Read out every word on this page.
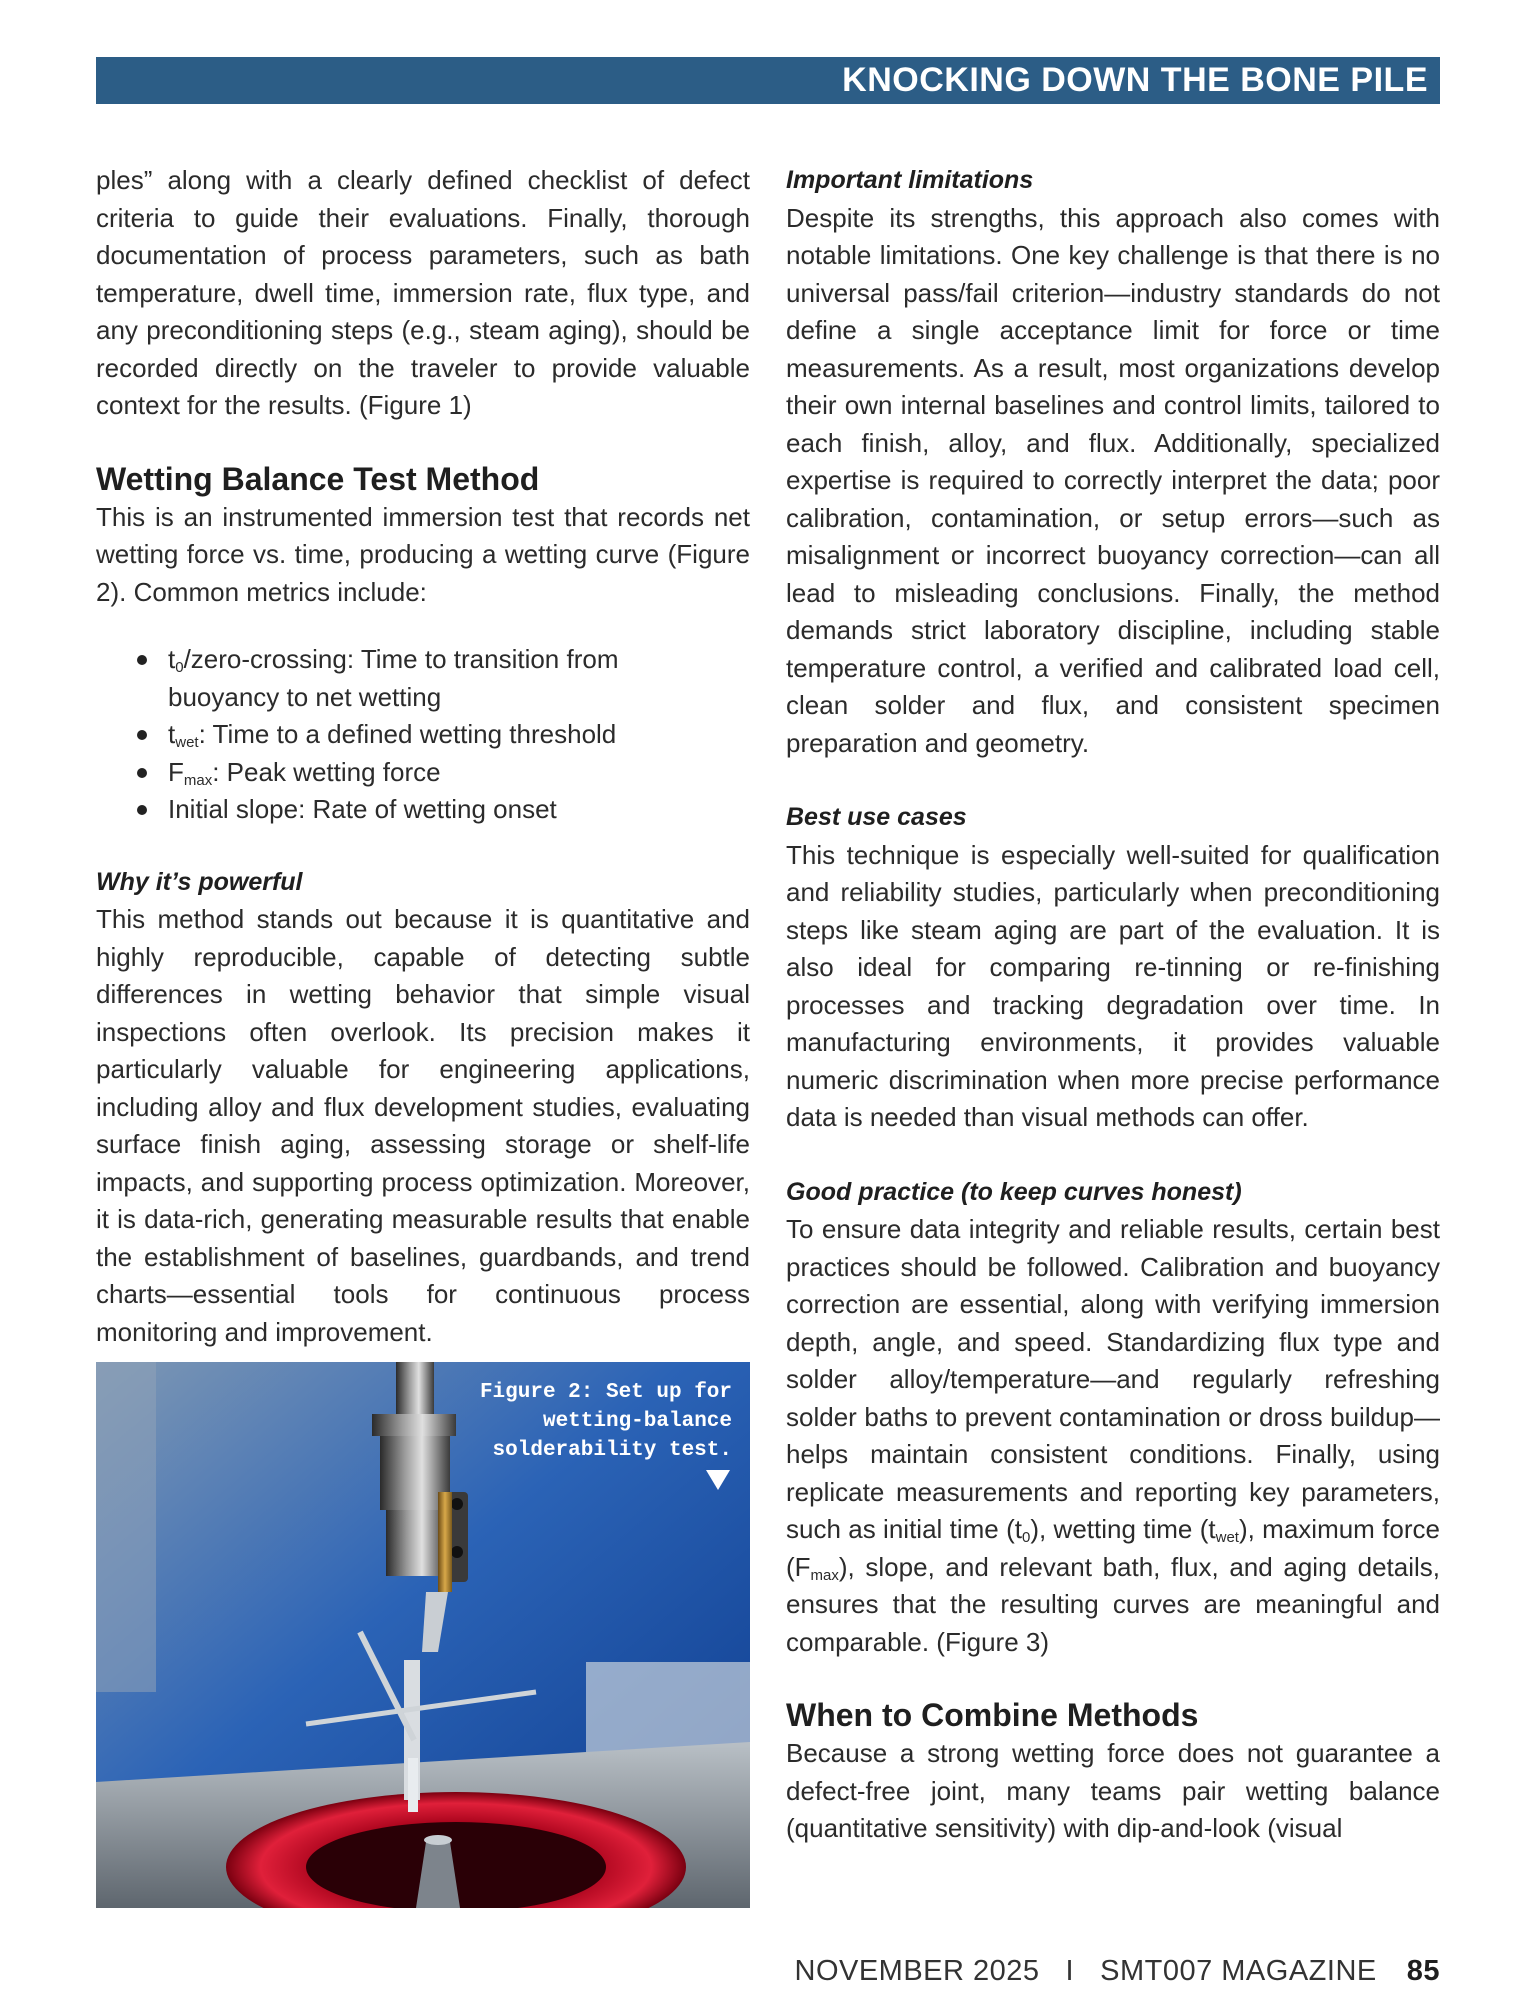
KNOCKING DOWN THE BONE PILE

ples” along with a clearly defined checklist of defect criteria to guide their evaluations. Finally, thorough documentation of process parameters, such as bath temperature, dwell time, immersion rate, flux type, and any preconditioning steps (e.g., steam aging), should be recorded directly on the traveler to provide valuable context for the results. (Figure 1)

Wetting Balance Test Method

This is an instrumented immersion test that records net wetting force vs. time, producing a wetting curve (Figure 2). Common metrics include:

$t_0/zero$-crossing: Time to transition from buoyancy to net wetting
$t_{wet}$: Time to a defined wetting threshold
$F_{max}$: Peak wetting force
Initial slope: Rate of wetting onset
Why it’s powerful

This method stands out because it is quantitative and highly reproducible, capable of detecting subtle differences in wetting behavior that simple visual inspections often overlook. Its precision makes it particularly valuable for engineering applications, including alloy and flux development studies, evaluating surface finish aging, assessing storage or shelf-life impacts, and supporting process optimization. Moreover, it is data-rich, generating measurable results that enable the establishment of baselines, guardbands, and trend charts—essential tools for continuous process monitoring and improvement.

Figure 2: Set up for wetting-balance solderability test.
Important limitations

Despite its strengths, this approach also comes with notable limitations. One key challenge is that there is no universal pass/fail criterion—industry standards do not define a single acceptance limit for force or time measurements. As a result, most organizations develop their own internal baselines and control limits, tailored to each finish, alloy, and flux. Additionally, specialized expertise is required to correctly interpret the data; poor calibration, contamination, or setup errors—such as misalignment or incorrect buoyancy correction—can all lead to misleading conclusions. Finally, the method demands strict laboratory discipline, including stable temperature control, a verified and calibrated load cell, clean solder and flux, and consistent specimen preparation and geometry.

Best use cases

This technique is especially well-suited for qualification and reliability studies, particularly when preconditioning steps like steam aging are part of the evaluation. It is also ideal for comparing re-tinning or re-finishing processes and tracking degradation over time. In manufacturing environments, it provides valuable numeric discrimination when more precise performance data is needed than visual methods can offer.

Good practice (to keep curves honest)

To ensure data integrity and reliable results, certain best practices should be followed. Calibration and buoyancy correction are essential, along with verifying immersion depth, angle, and speed. Standardizing flux type and solder alloy/temperature—and regularly refreshing solder baths to prevent contamination or dross buildup—helps maintain consistent conditions. Finally, using replicate measurements and reporting key parameters, such as initial time $(t_0)$, wetting time $(t_{wet})$, maximum force $(F_{max})$, slope, and relevant bath, flux, and aging details, ensures that the resulting curves are meaningful and comparable. (Figure 3)

When to Combine Methods

Because a strong wetting force does not guarantee a defect-free joint, many teams pair wetting balance (quantitative sensitivity) with dip-and-look (visual

NOVEMBER 2025 I SMT007 MAGAZINE 85
